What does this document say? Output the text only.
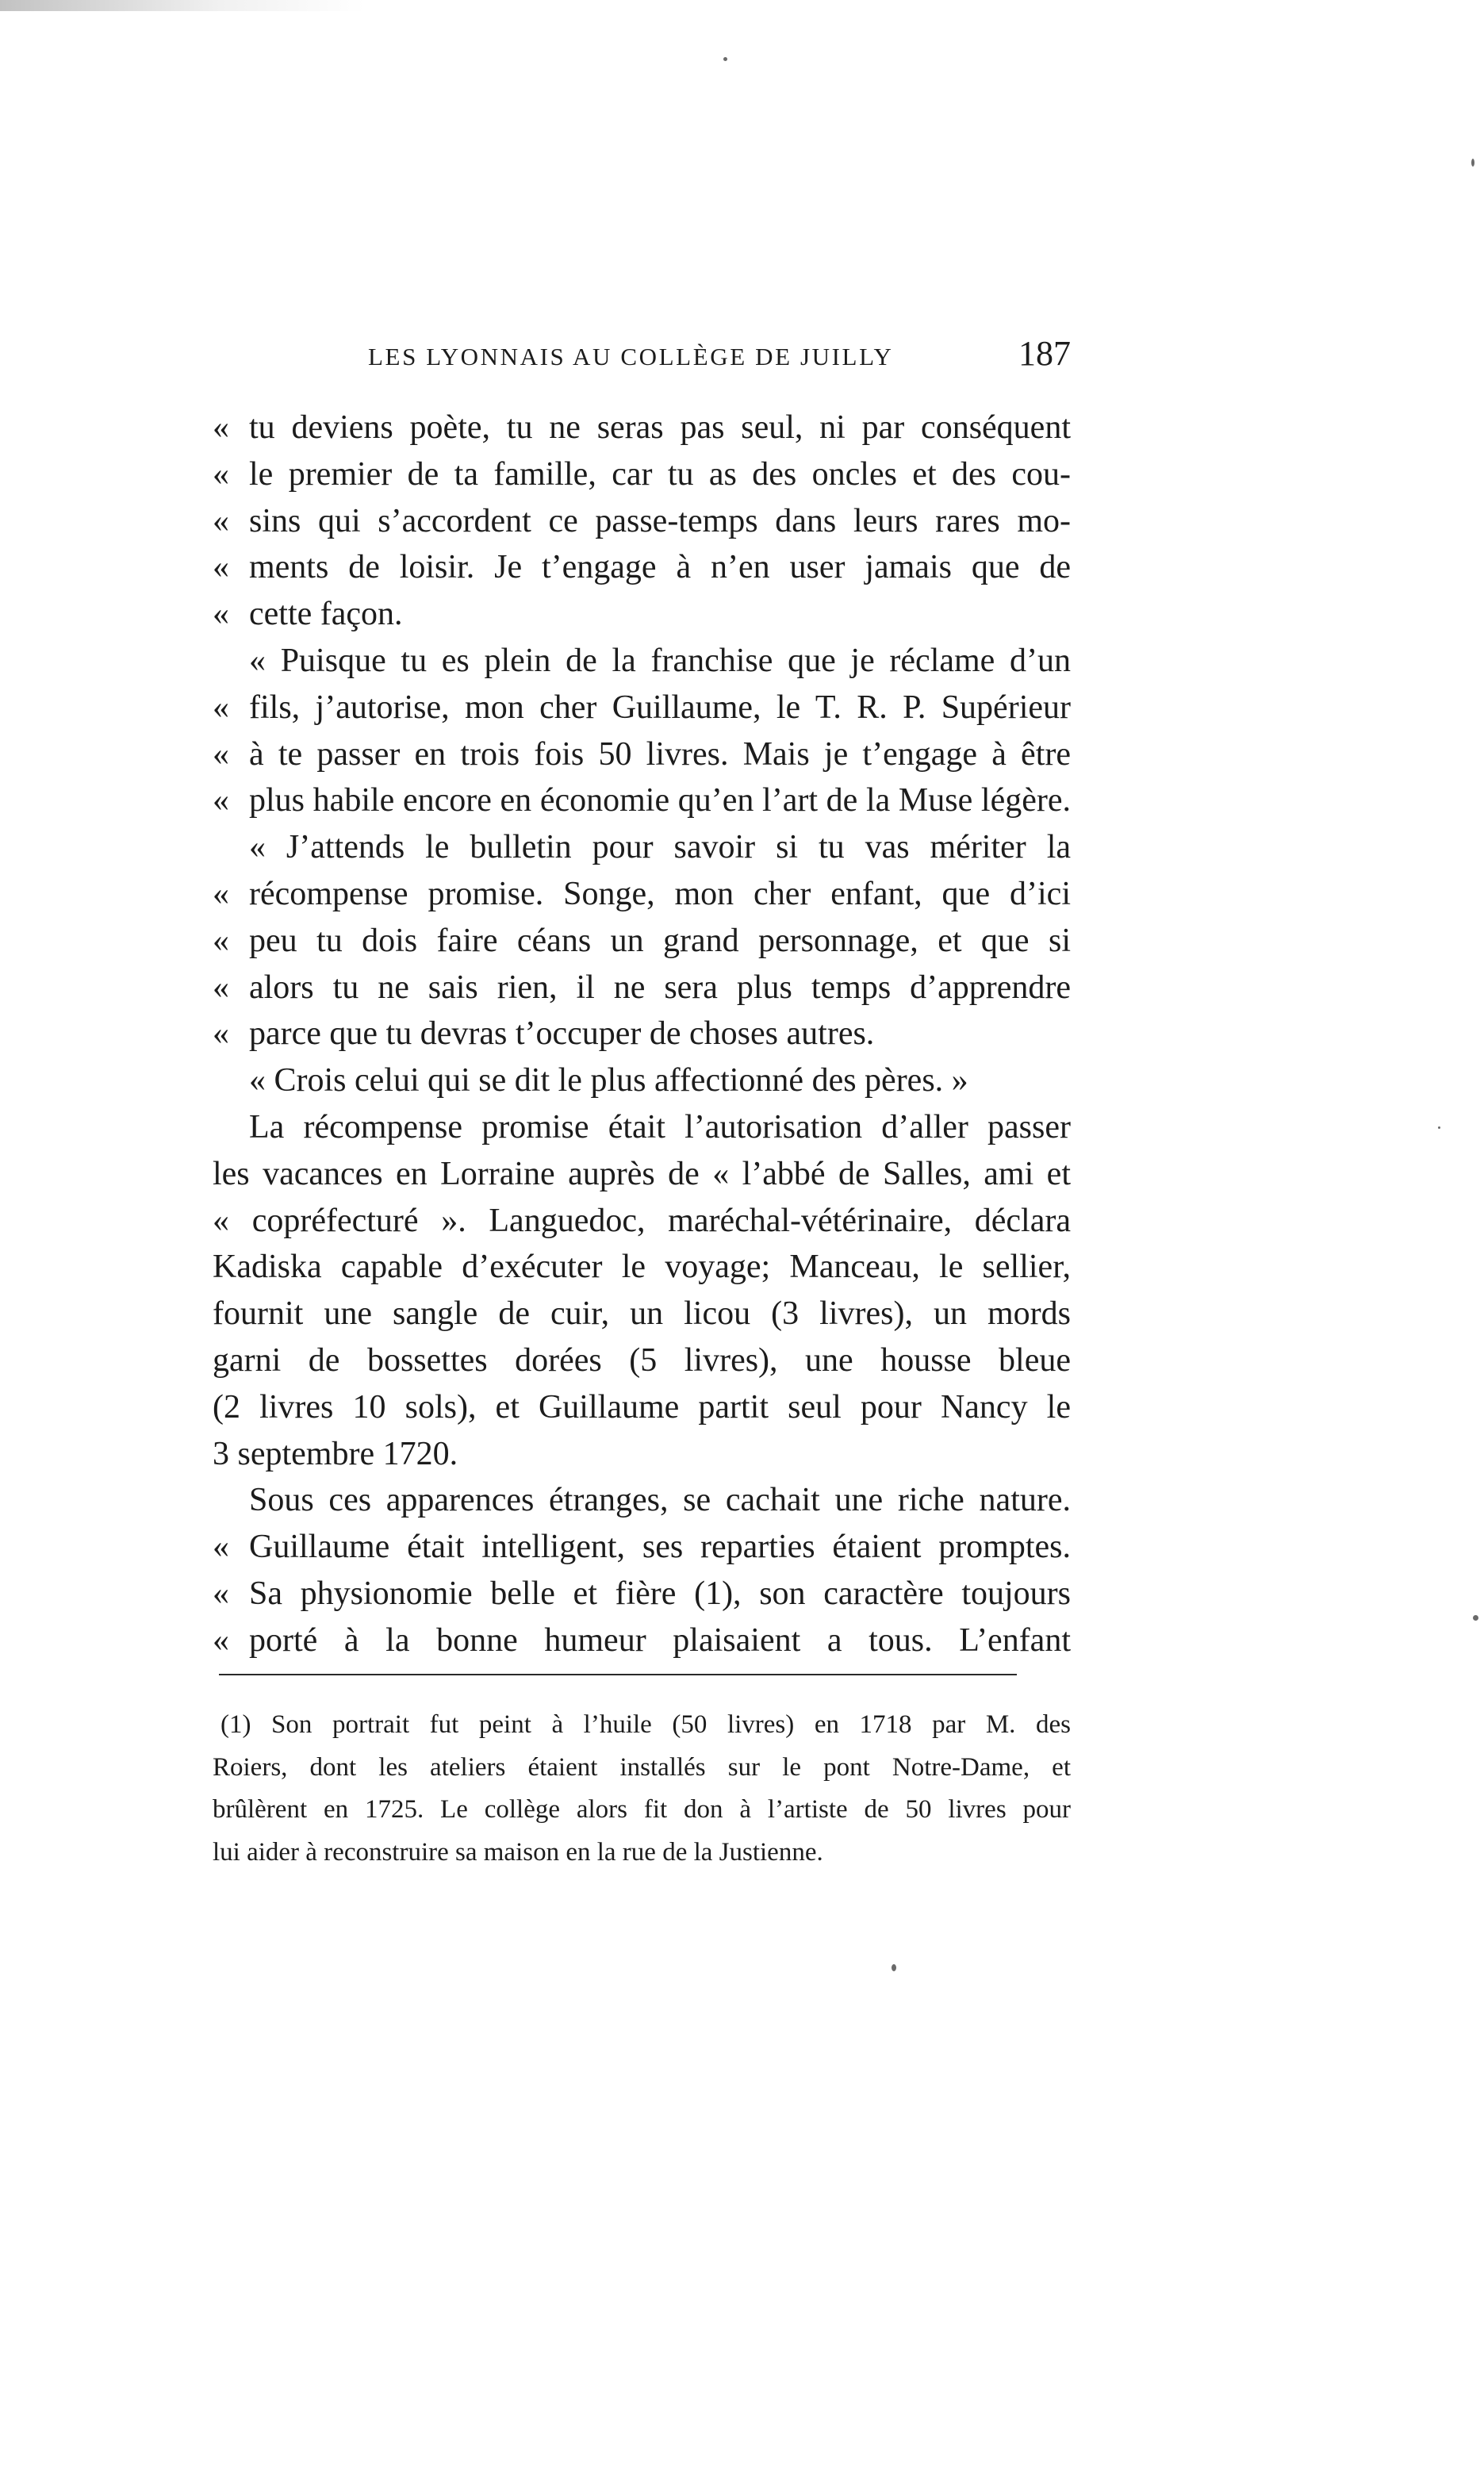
LES LYONNAIS AU COLLÈGE DE JUILLY	187
« tu deviens poète, tu ne seras pas seul, ni par conséquent
« le premier de ta famille, car tu as des oncles et des cou-
« sins qui s’accordent ce passe-temps dans leurs rares mo-
« ments de loisir. Je t’engage à n’en user jamais que de
« cette façon.
« Puisque tu es plein de la franchise que je réclame d’un
« fils, j’autorise, mon cher Guillaume, le T. R. P. Supérieur
« à te passer en trois fois 50 livres. Mais je t’engage à être
« plus habile encore en économie qu’en l’art de la Muse légère.
« J’attends le bulletin pour savoir si tu vas mériter la
« récompense promise. Songe, mon cher enfant, que d’ici
« peu tu dois faire céans un grand personnage, et que si
« alors tu ne sais rien, il ne sera plus temps d’apprendre
« parce que tu devras t’occuper de choses autres.
« Crois celui qui se dit le plus affectionné des pères. »
La récompense promise était l’autorisation d’aller passer
les vacances en Lorraine auprès de « l’abbé de Salles, ami et
« copréfecturé ». Languedoc, maréchal-vétérinaire, déclara
Kadiska capable d’exécuter le voyage; Manceau, le sellier,
fournit une sangle de cuir, un licou (3 livres), un mords
garni de bossettes dorées (5 livres), une housse bleue
(2 livres 10 sols), et Guillaume partit seul pour Nancy le
3 septembre 1720.
Sous ces apparences étranges, se cachait une riche nature.
« Guillaume était intelligent, ses reparties étaient promptes.
« Sa physionomie belle et fière (1), son caractère toujours
« porté à la bonne humeur plaisaient a tous. L’enfant
(1) Son portrait fut peint à l’huile (50 livres) en 1718 par M. des
Roiers, dont les ateliers étaient installés sur le pont Notre-Dame, et
brûlèrent en 1725. Le collège alors fit don à l’artiste de 50 livres pour
lui aider à reconstruire sa maison en la rue de la Justienne.
